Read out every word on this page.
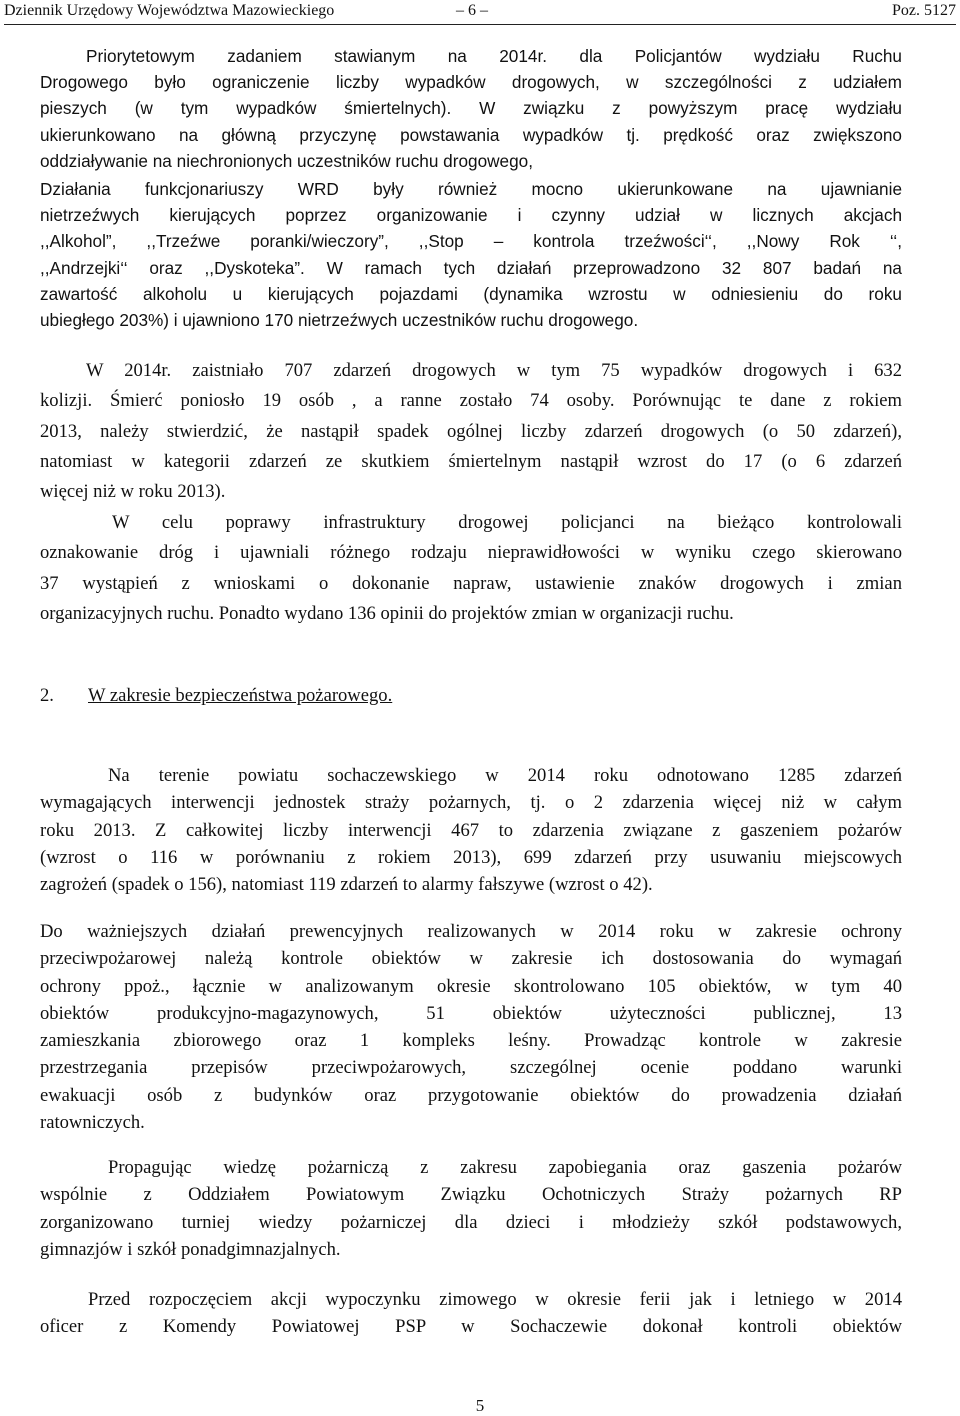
Dziennik Urzędowy Województwa Mazowieckiego	– 6 –	Poz. 5127
Priorytetowym zadaniem stawianym na 2014r. dla Policjantów wydziału Ruchu
Drogowego było ograniczenie liczby wypadków drogowych, w szczególności z udziałem
pieszych (w tym wypadków śmiertelnych). W związku z powyższym pracę wydziału
ukierunkowano na główną przyczynę powstawania wypadków tj. prędkość oraz zwiększono
oddziaływanie na niechronionych uczestników ruchu drogowego,
Działania funkcjonariuszy WRD były również mocno ukierunkowane na ujawnianie
nietrzeźwych kierujących poprzez organizowanie i czynny udział w licznych akcjach
,,Alkohol”, ,,Trzeźwe poranki/wieczory”, ,,Stop – kontrola trzeźwości‘‘, ,,Nowy Rok ‘‘,
,,Andrzejki‘‘ oraz ,,Dyskoteka”. W ramach tych działań przeprowadzono 32 807 badań na
zawartość alkoholu u kierujących pojazdami (dynamika wzrostu w odniesieniu do roku
ubiegłego 203%) i ujawniono 170 nietrzeźwych uczestników ruchu drogowego.
W 2014r. zaistniało 707 zdarzeń drogowych w tym 75 wypadków drogowych i 632
kolizji. Śmierć poniosło 19 osób , a ranne zostało 74 osoby. Porównując te dane z rokiem
2013, należy stwierdzić, że nastąpił spadek ogólnej liczby zdarzeń drogowych (o 50 zdarzeń),
natomiast w kategorii zdarzeń ze skutkiem śmiertelnym nastąpił wzrost do 17 (o 6 zdarzeń
więcej niż w roku 2013).
W celu poprawy infrastruktury drogowej policjanci na bieżąco kontrolowali
oznakowanie dróg i ujawniali różnego rodzaju nieprawidłowości w wyniku czego skierowano
37 wystąpień z wnioskami o dokonanie napraw, ustawienie znaków drogowych i zmian
organizacyjnych ruchu. Ponadto wydano 136 opinii do projektów zmian w organizacji ruchu.
2. W zakresie bezpieczeństwa pożarowego.
Na terenie powiatu sochaczewskiego w 2014 roku odnotowano 1285 zdarzeń
wymagających interwencji jednostek straży pożarnych, tj. o 2 zdarzenia więcej niż w całym
roku 2013. Z całkowitej liczby interwencji 467 to zdarzenia związane z gaszeniem pożarów
(wzrost o 116 w porównaniu z rokiem 2013), 699 zdarzeń przy usuwaniu miejscowych
zagrożeń (spadek o 156), natomiast 119 zdarzeń to alarmy fałszywe (wzrost o 42).
Do ważniejszych działań prewencyjnych realizowanych w 2014 roku w zakresie ochrony
przeciwpożarowej należą kontrole obiektów w zakresie ich dostosowania do wymagań
ochrony ppoż., łącznie w analizowanym okresie skontrolowano 105 obiektów, w tym 40
obiektów produkcyjno-magazynowych, 51 obiektów użyteczności publicznej, 13
zamieszkania zbiorowego oraz 1 kompleks leśny. Prowadząc kontrole w zakresie
przestrzegania przepisów przeciwpożarowych, szczególnej ocenie poddano warunki
ewakuacji osób z budynków oraz przygotowanie obiektów do prowadzenia działań
ratowniczych.
Propagując wiedzę pożarniczą z zakresu zapobiegania oraz gaszenia pożarów
wspólnie z Oddziałem Powiatowym Związku Ochotniczych Straży pożarnych RP
zorganizowano turniej wiedzy pożarniczej dla dzieci i młodzieży szkół podstawowych,
gimnazjów i szkół ponadgimnazjalnych.
Przed rozpoczęciem akcji wypoczynku zimowego w okresie ferii jak i letniego w 2014
oficer z Komendy Powiatowej PSP w Sochaczewie dokonał kontroli obiektów
5
